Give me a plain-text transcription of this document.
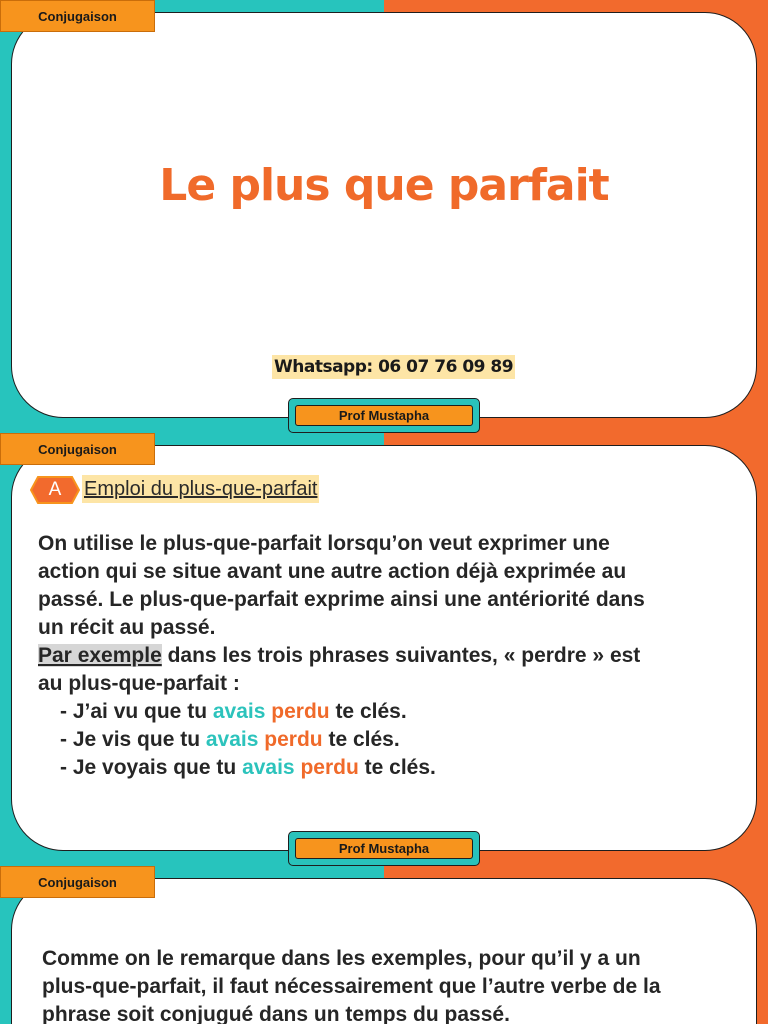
Conjugaison
Le plus que parfait
Whatsapp: 06 07 76 09 89
Prof Mustapha
Conjugaison
A	Emploi du plus-que-parfait

On utilise le plus-que-parfait lorsqu’on veut exprimer une

action qui se situe avant une autre action déjà exprimée au

passé. Le plus-que-parfait exprime ainsi une antériorité dans

un récit au passé.

Par exemple dans les trois phrases suivantes, « perdre » est

au plus-que-parfait :

- J’ai vu que tu avais perdu te clés.

- Je vis que tu avais perdu te clés.

- Je voyais que tu avais perdu te clés.

Prof Mustapha
Conjugaison

Comme on le remarque dans les exemples, pour qu’il y a un

plus-que-parfait, il faut nécessairement que l’autre verbe de la

phrase soit conjugué dans un temps du passé.
